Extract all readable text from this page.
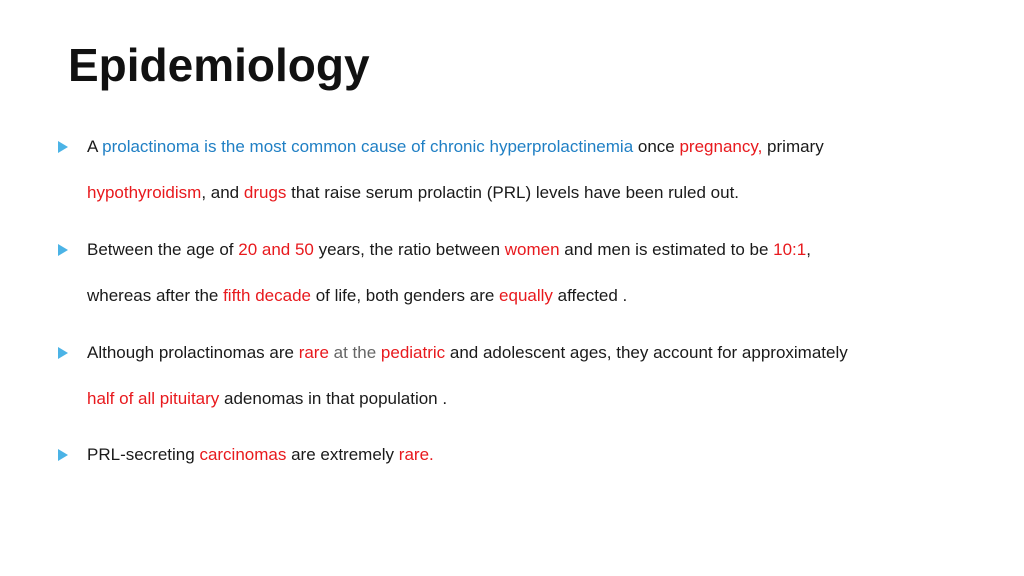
Epidemiology
A prolactinoma is the most common cause of chronic hyperprolactinemia once pregnancy, primary
hypothyroidism, and drugs that raise serum prolactin (PRL) levels have been ruled out.
Between the age of 20 and 50 years, the ratio between women and men is estimated to be 10:1,
whereas after the fifth decade of life, both genders are equally affected .
Although prolactinomas are rare at the pediatric and adolescent ages, they account for approximately
half of all pituitary adenomas in that population .
PRL-secreting carcinomas are extremely rare.
